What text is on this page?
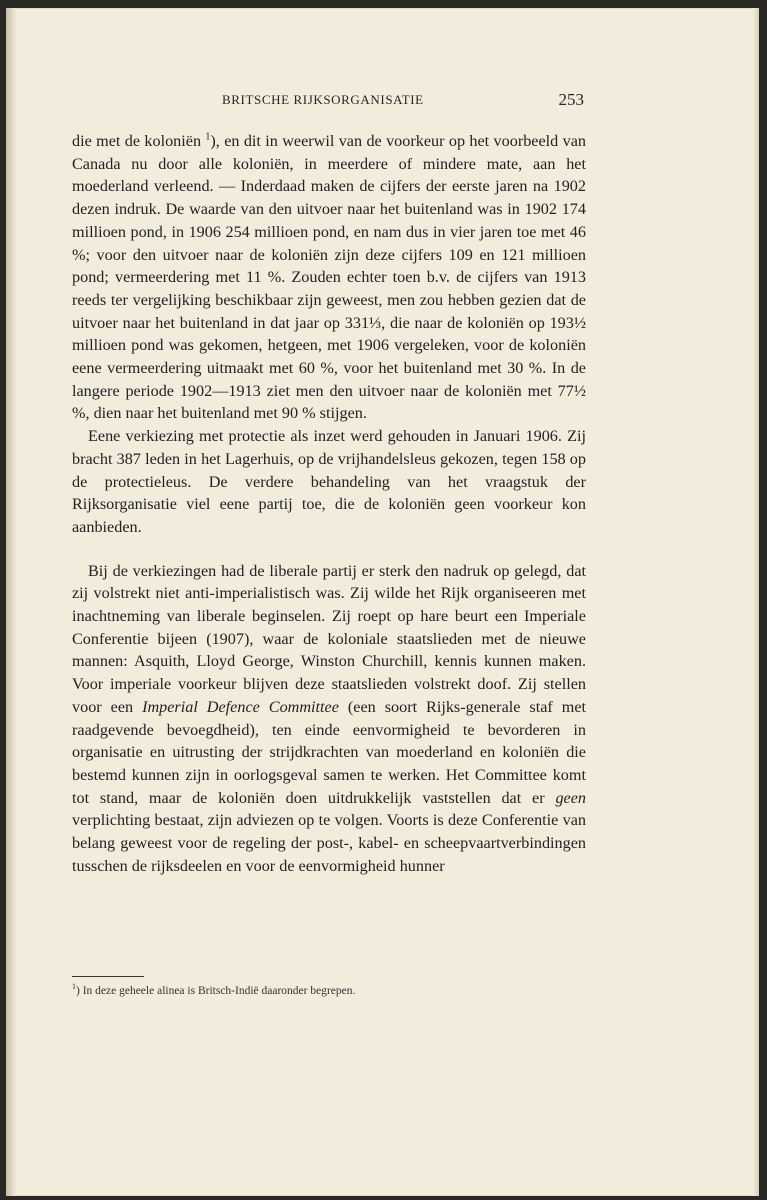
BRITSCHE RIJKSORGANISATIE	253

die met de koloniën $^1$), en dit in weerwil van de voorkeur op het voorbeeld van Canada nu door alle koloniën, in meerdere of mindere mate, aan het moederland verleend. — Inderdaad maken de cijfers der eerste jaren na 1902 dezen indruk. De waarde van den uitvoer naar het buitenland was in 1902 174 millioen pond, in 1906 254 millioen pond, en nam dus in vier jaren toe met 46 %; voor den uitvoer naar de koloniën zijn deze cijfers 109 en 121 millioen pond; vermeerdering met 11 %. Zouden echter toen b.v. de cijfers van 1913 reeds ter vergelijking beschikbaar zijn geweest, men zou hebben gezien dat de uitvoer naar het buitenland in dat jaar op 331⅓, die naar de koloniën op 193½ millioen pond was gekomen, hetgeen, met 1906 vergeleken, voor de koloniën eene vermeerdering uitmaakt met 60 %, voor het buitenland met 30 %. In de langere periode 1902—1913 ziet men den uitvoer naar de koloniën met 77½ %, dien naar het buitenland met 90 % stijgen.

Eene verkiezing met protectie als inzet werd gehouden in Januari 1906. Zij bracht 387 leden in het Lagerhuis, op de vrijhandelsleus gekozen, tegen 158 op de protectieleus. De verdere behandeling van het vraagstuk der Rijksorganisatie viel eene partij toe, die de koloniën geen voorkeur kon aanbieden.

Bij de verkiezingen had de liberale partij er sterk den nadruk op gelegd, dat zij volstrekt niet anti-imperialistisch was. Zij wilde het Rijk organiseeren met inachtneming van liberale beginselen. Zij roept op hare beurt een Imperiale Conferentie bijeen (1907), waar de koloniale staatslieden met de nieuwe mannen: Asquith, Lloyd George, Winston Churchill, kennis kunnen maken. Voor imperiale voorkeur blijven deze staatslieden volstrekt doof. Zij stellen voor een Imperial Defence Committee (een soort Rijks-generale staf met raadgevende bevoegdheid), ten einde eenvormigheid te bevorderen in organisatie en uitrusting der strijdkrachten van moederland en koloniën die bestemd kunnen zijn in oorlogsgeval samen te werken. Het Committee komt tot stand, maar de koloniën doen uitdrukkelijk vaststellen dat er geen verplichting bestaat, zijn adviezen op te volgen. Voorts is deze Conferentie van belang geweest voor de regeling der post-, kabel- en scheepvaartverbindingen tusschen de rijksdeelen en voor de eenvormigheid hunner

$^1$) In deze geheele alinea is Britsch-Indië daaronder begrepen.
